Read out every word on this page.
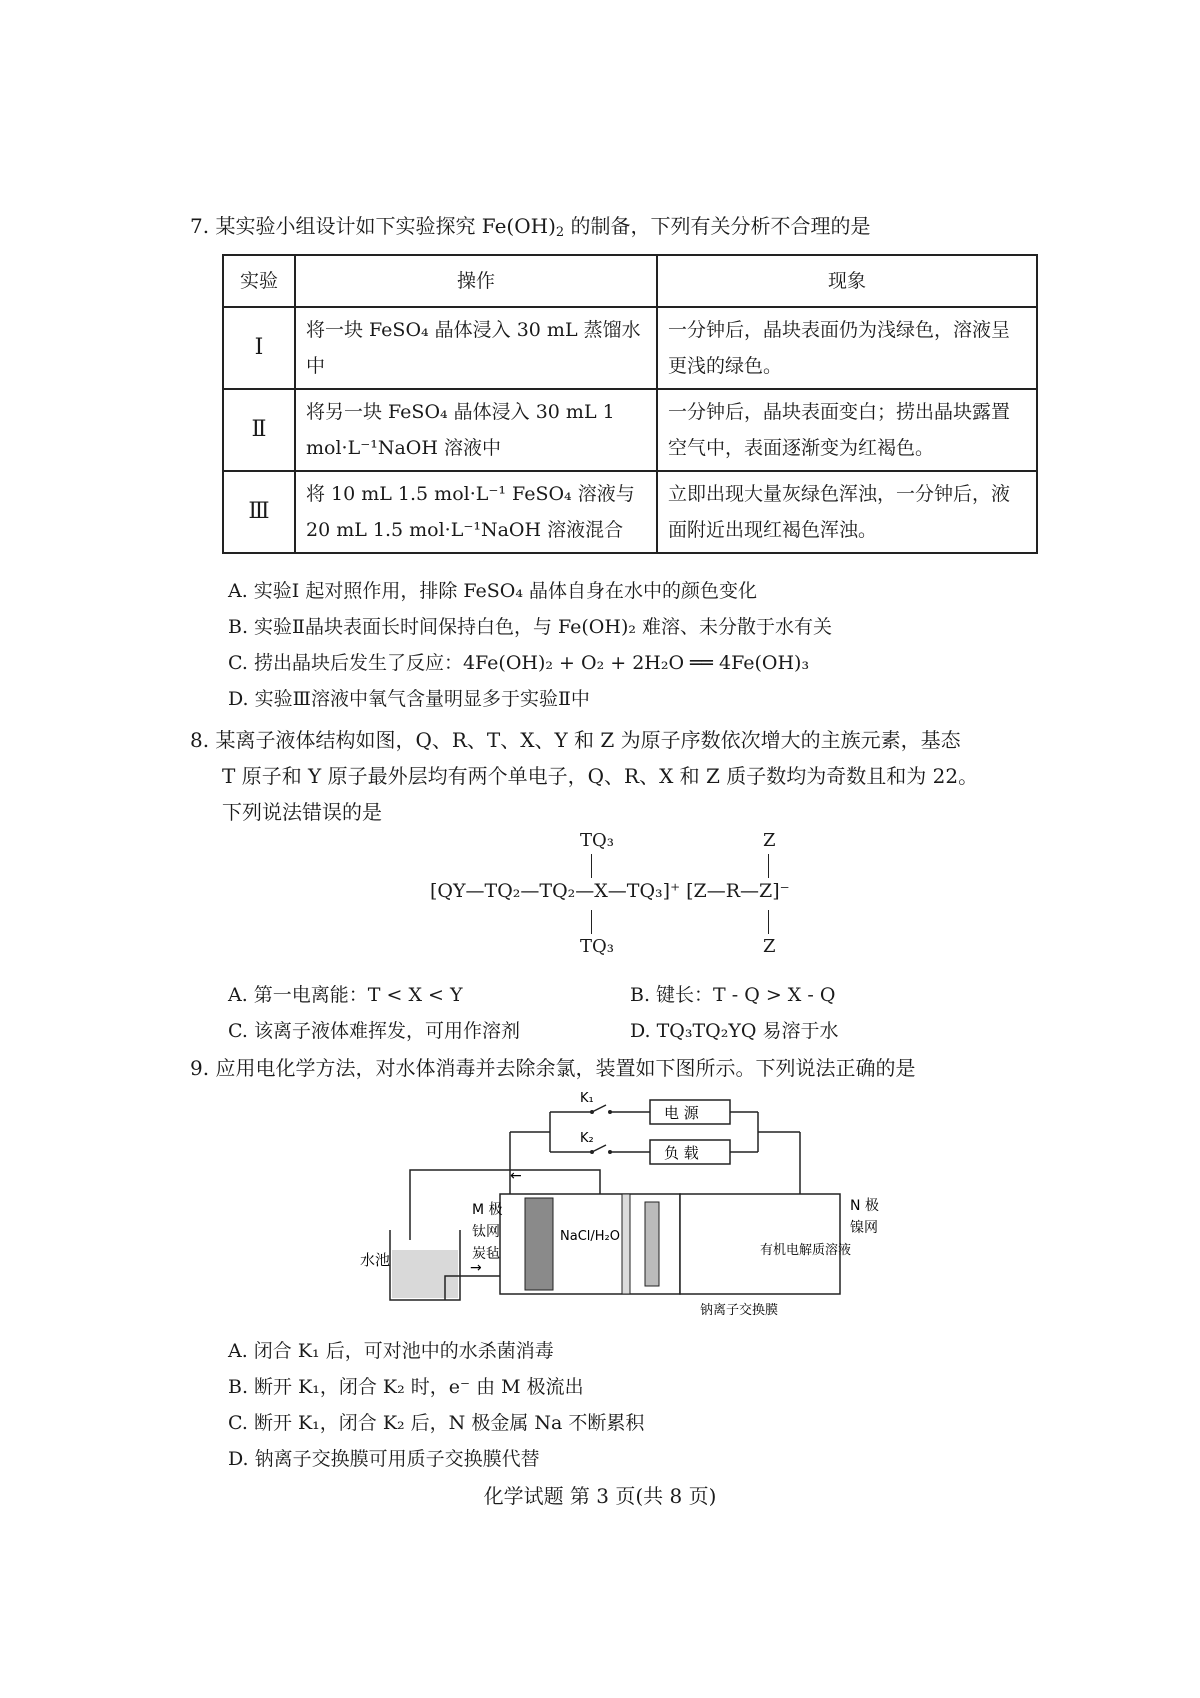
7. 某实验小组设计如下实验探究 $Fe(OH)_2$ 的制备，下列有关分析不合理的是
实验	操作	现象
Ⅰ	将一块 FeSO₄ 晶体浸入 30 mL 蒸馏水中	一分钟后，晶块表面仍为浅绿色，溶液呈更浅的绿色。
Ⅱ	将另一块 FeSO₄ 晶体浸入 30 mL 1 mol·L⁻¹NaOH 溶液中	一分钟后，晶块表面变白；捞出晶块露置空气中，表面逐渐变为红褐色。
Ⅲ	将 10 mL 1.5 mol·L⁻¹ FeSO₄ 溶液与 20 mL 1.5 mol·L⁻¹NaOH 溶液混合	立即出现大量灰绿色浑浊，一分钟后，液面附近出现红褐色浑浊。
A. 实验Ⅰ 起对照作用，排除 FeSO₄ 晶体自身在水中的颜色变化
B. 实验Ⅱ晶块表面长时间保持白色，与 Fe(OH)₂ 难溶、未分散于水有关
C. 捞出晶块后发生了反应：4Fe(OH)₂ + O₂ + 2H₂O ══ 4Fe(OH)₃
D. 实验Ⅲ溶液中氧气含量明显多于实验Ⅱ中
8. 某离子液体结构如图，Q、R、T、X、Y 和 Z 为原子序数依次增大的主族元素，基态
T 原子和 Y 原子最外层均有两个单电子，Q、R、X 和 Z 质子数均为奇数且和为 22。
下列说法错误的是
TQ₃	Z
[QY—TQ₂—TQ₂—X—TQ₃]⁺ [Z—R—Z]⁻
TQ₃	Z
A. 第一电离能：T < X < Y	B. 键长：T - Q > X - Q
C. 该离子液体难挥发，可用作溶剂	D. TQ₃TQ₂YQ 易溶于水
9. 应用电化学方法，对水体消毒并去除余氯，装置如下图所示。下列说法正确的是
电 源
负 载
K₁
K₂
NaCl/H₂O
←
→
水池
M 极
钛网
炭毡
N 极
镍网
有机电解质溶液
钠离子交换膜
A. 闭合 K₁ 后，可对池中的水杀菌消毒
B. 断开 K₁，闭合 K₂ 时，e⁻ 由 M 极流出
C. 断开 K₁，闭合 K₂ 后，N 极金属 Na 不断累积
D. 钠离子交换膜可用质子交换膜代替
化学试题 第 3 页(共 8 页)
